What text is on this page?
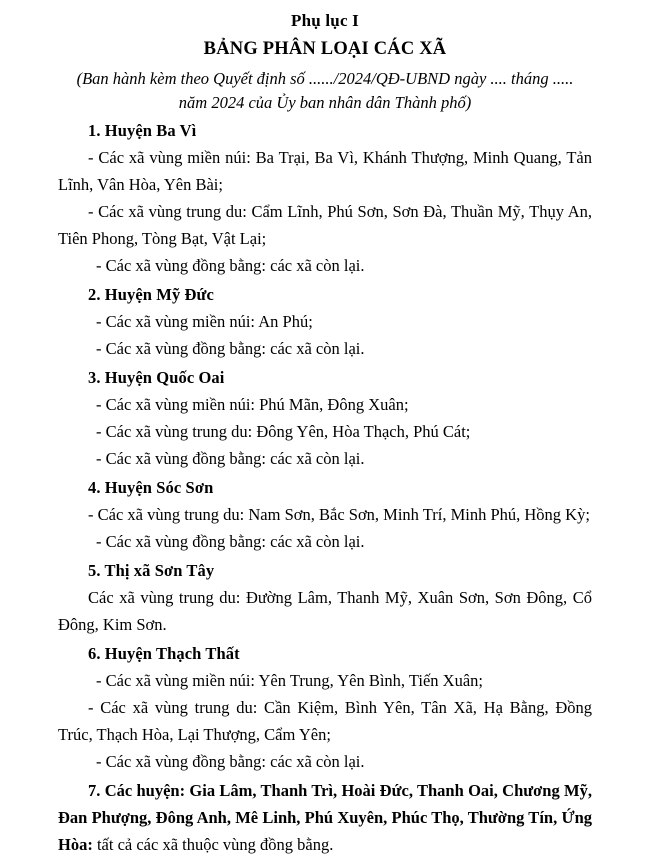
Phụ lục I
BẢNG PHÂN LOẠI CÁC XÃ
(Ban hành kèm theo Quyết định số ....../2024/QĐ-UBND ngày .... tháng .....
năm 2024 của Ủy ban nhân dân Thành phố)
1. Huyện Ba Vì

- Các xã vùng miền núi: Ba Trại, Ba Vì, Khánh Thượng, Minh Quang, Tản Lĩnh, Vân Hòa, Yên Bài;

- Các xã vùng trung du: Cẩm Lĩnh, Phú Sơn, Sơn Đà, Thuần Mỹ, Thụy An, Tiên Phong, Tòng Bạt, Vật Lại;

- Các xã vùng đồng bằng: các xã còn lại.

2. Huyện Mỹ Đức

- Các xã vùng miền núi: An Phú;

- Các xã vùng đồng bằng: các xã còn lại.

3. Huyện Quốc Oai

- Các xã vùng miền núi: Phú Mãn, Đông Xuân;

- Các xã vùng trung du: Đông Yên, Hòa Thạch, Phú Cát;

- Các xã vùng đồng bằng: các xã còn lại.

4. Huyện Sóc Sơn

- Các xã vùng trung du: Nam Sơn, Bắc Sơn, Minh Trí, Minh Phú, Hồng Kỳ;

- Các xã vùng đồng bằng: các xã còn lại.

5. Thị xã Sơn Tây

Các xã vùng trung du: Đường Lâm, Thanh Mỹ, Xuân Sơn, Sơn Đông, Cổ Đông, Kim Sơn.

6. Huyện Thạch Thất

- Các xã vùng miền núi: Yên Trung, Yên Bình, Tiến Xuân;

- Các xã vùng trung du: Cần Kiệm, Bình Yên, Tân Xã, Hạ Bằng, Đồng Trúc, Thạch Hòa, Lại Thượng, Cẩm Yên;

- Các xã vùng đồng bằng: các xã còn lại.

7. Các huyện: Gia Lâm, Thanh Trì, Hoài Đức, Thanh Oai, Chương Mỹ, Đan Phượng, Đông Anh, Mê Linh, Phú Xuyên, Phúc Thọ, Thường Tín, Ứng Hòa: tất cả các xã thuộc vùng đồng bằng.
